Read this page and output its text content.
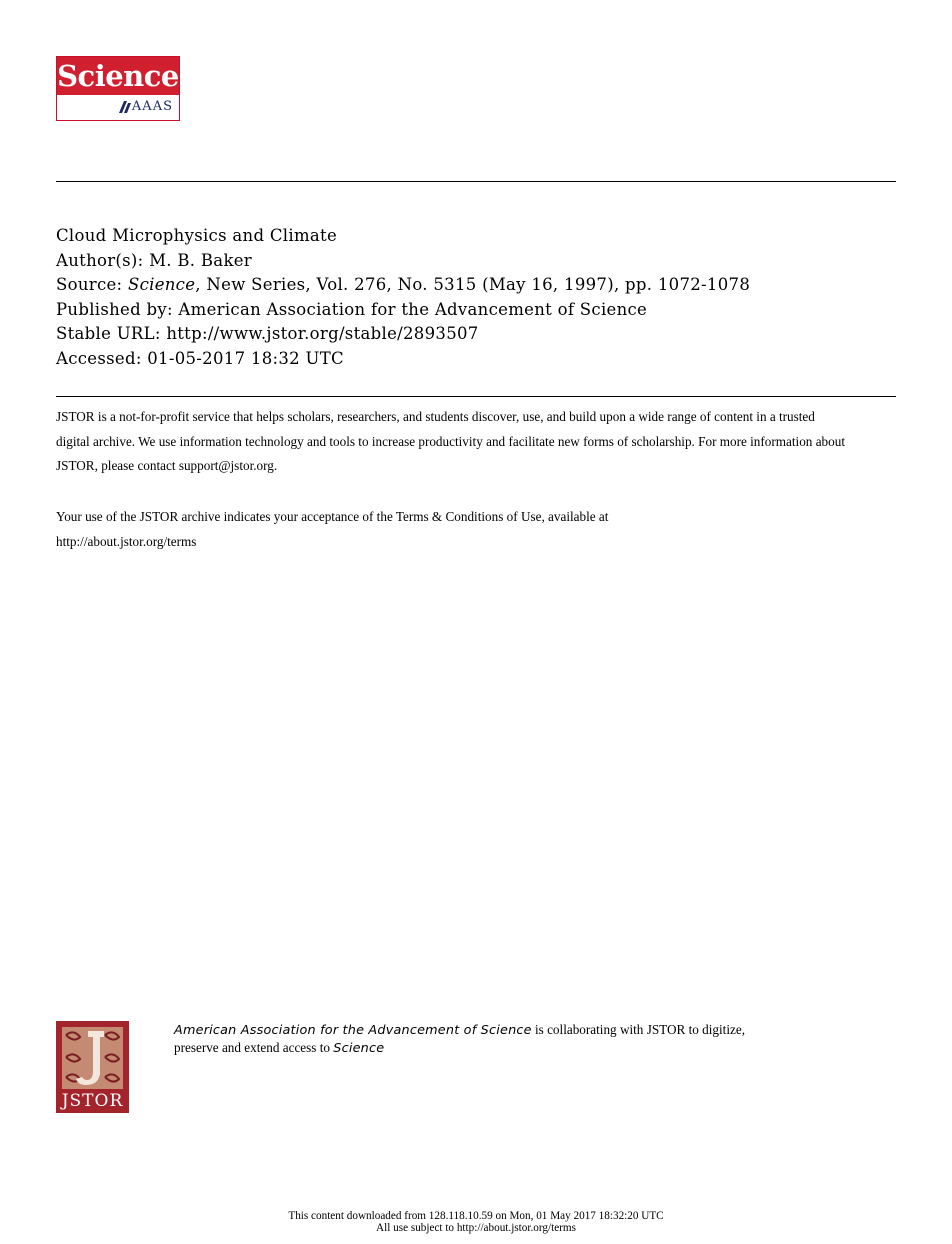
Science
AAAS
Cloud Microphysics and Climate
Author(s): M. B. Baker
Source: Science, New Series, Vol. 276, No. 5315 (May 16, 1997), pp. 1072-1078
Published by: American Association for the Advancement of Science
Stable URL: http://www.jstor.org/stable/2893507
Accessed: 01-05-2017 18:32 UTC
JSTOR is a not-for-profit service that helps scholars, researchers, and students discover, use, and build upon a wide range of content in a trusted
digital archive. We use information technology and tools to increase productivity and facilitate new forms of scholarship. For more information about
JSTOR, please contact support@jstor.org.
Your use of the JSTOR archive indicates your acceptance of the Terms & Conditions of Use, available at
http://about.jstor.org/terms
JSTOR
American Association for the Advancement of Science is collaborating with JSTOR to digitize,
preserve and extend access to Science
This content downloaded from 128.118.10.59 on Mon, 01 May 2017 18:32:20 UTC
All use subject to http://about.jstor.org/terms
